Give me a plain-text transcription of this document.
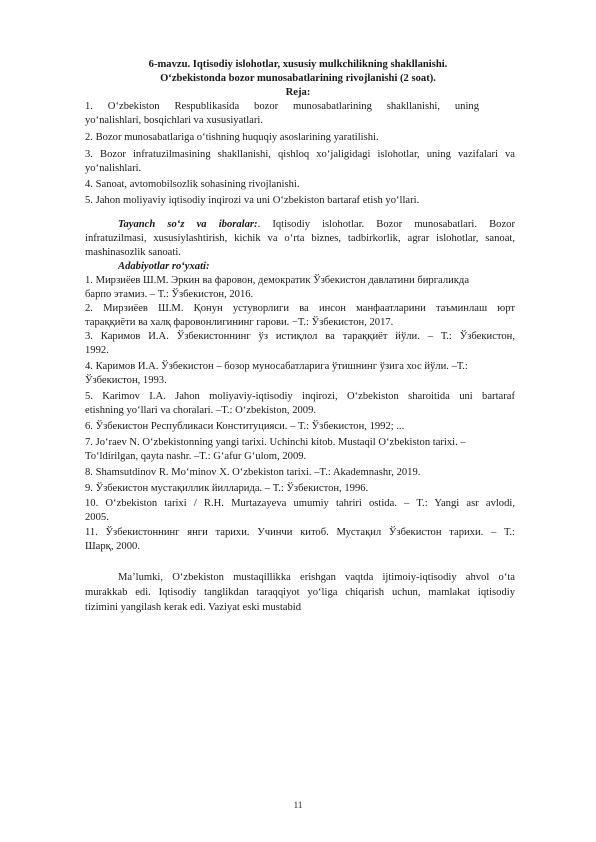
6-mavzu. Iqtisodiy islohotlar, xususiy mulkchilikning shakllanishi.
O‘zbekistonda bozor munosabatlarining rivojlanishi (2 soat).
Reja:
1. O‘zbekiston Respublikasida bozor munosabatlarining shakllanishi, uning
yo‘nalishlari, bosqichlari va xususiyatlari.
2. Bozor munosabatlariga o‘tishning huquqiy asoslarining yaratilishi.
3. Bozor infratuzilmasining shakllanishi, qishloq xo‘jaligidagi islohotlar, uning vazifalari va
yo‘nalishlari.
4. Sanoat, avtomobilsozlik sohasining rivojlanishi.
5. Jahon moliyaviy iqtisodiy inqirozi va uni O‘zbekiston bartaraf etish yo‘llari.
Tayanch so‘z va iboralar:. Iqtisodiy islohotlar. Bozor munosabatlari. Bozor
infratuzilmasi, xususiylashtirish, kichik va o‘rta biznes, tadbirkorlik, agrar islohotlar, sanoat,
mashinasozlik sanoati.
Adabiyotlar ro‘yxati:
1. Мирзиёев Ш.М. Эркин ва фаровон, демократик Ўзбекистон давлатини биргаликда
барпо этамиз. – Т.: Ўзбекистон, 2016.
2. Мирзиёев Ш.М. Қонун устуворлиги ва инсон манфаатларини таъминлаш юрт
тараққиёти ва халқ фаровонлигининг гарови. −Т.: Ўзбекистон, 2017.
3. Каримов И.А. Ўзбекистоннинг ўз истиқлол ва тараққиёт йўли. – Т.: Ўзбекистон,
1992.
4. Каримов И.А. Ўзбекистон – бозор муносабатларига ўтишнинг ўзига хос йўли. –Т.:
Ўзбекистон, 1993.
5. Karimov I.A. Jahon moliyaviy-iqtisodiy inqirozi, O‘zbekiston sharoitida uni bartaraf
etishning yo‘llari va choralari. –T.: O‘zbekiston, 2009.
6. Ўзбекистон Республикаси Конституцияси. – Т.: Ўзбекистон, 1992; ...
7. Jo‘raev N. O‘zbekistonning yangi tarixi. Uchinchi kitob. Mustaqil O‘zbekiston tarixi. –
To‘ldirilgan, qayta nashr. –T.: G‘afur G‘ulom, 2009.
8. Shamsutdinov R. Mo‘minov X. O‘zbekiston tarixi. –T.: Akademnashr, 2019.
9. Ўзбекистон мустақиллик йилларида. – Т.: Ўзбекистон, 1996.
10. O‘zbekiston tarixi / R.H. Murtazayeva umumiy tahriri ostida. – T.: Yangi asr avlodi,
2005.
11. Ўзбекистоннинг янги тарихи. Учинчи китоб. Мустақил Ўзбекистон тарихи. – Т.:
Шарқ, 2000.
Ma’lumki, O‘zbekiston mustaqillikka erishgan vaqtda ijtimoiy-iqtisodiy ahvol o‘ta
murakkab edi. Iqtisodiy tanglikdan taraqqiyot yo‘liga chiqarish uchun, mamlakat iqtisodiy
tizimini yangilash kerak edi. Vaziyat eski mustabid
11
